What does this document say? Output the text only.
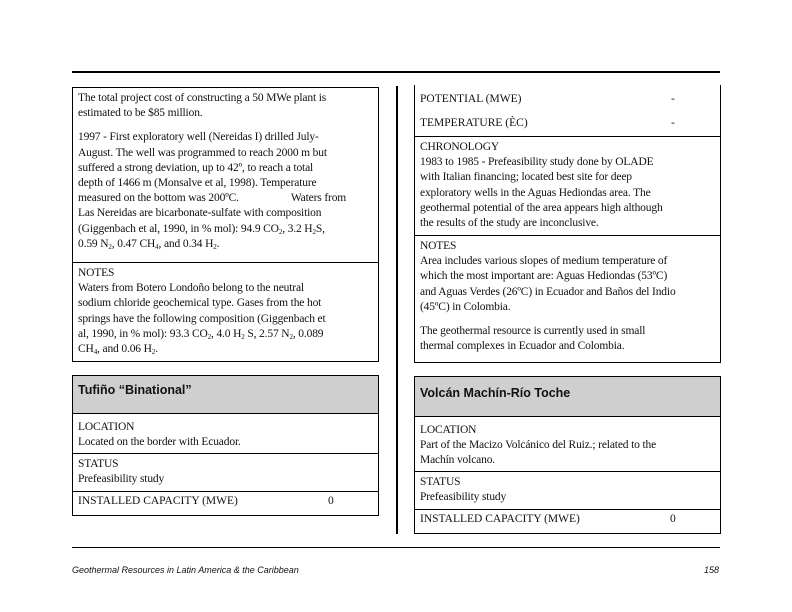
The total project cost of constructing a 50 MWe plant is

estimated to be $85 million.

1997 - First exploratory well (Nereidas I) drilled July-

August. The well was programmed to reach 2000 m but

suffered a strong deviation, up to 42º, to reach a total

depth of 1466 m (Monsalve et al, 1998). Temperature

measured on the bottom was 200ºC.	Waters from

Las Nereidas are bicarbonate-sulfate with composition

(Giggenbach et al, 1990, in % mol): 94.9 $CO_2$, 3.2 $H_2S$,

0.59 $N_2$, 0.47 $CH_4$, and 0.34 $H_2$.

NOTES

Waters from Botero Londoño belong to the neutral

sodium chloride geochemical type. Gases from the hot

springs have the following composition (Giggenbach et

al, 1990, in % mol): 93.3 $CO_2$, 4.0 $H_2$ S, 2.57 $N_2$, 0.089

$CH_4$, and 0.06 $H_2$.

Tufiño “Binational”

LOCATION

Located on the border with Ecuador.

STATUS

Prefeasibility study

INSTALLED CAPACITY (MWE)	0
POTENTIAL (MWE)	-
TEMPERATURE (ÈC)	-

CHRONOLOGY

1983 to 1985 - Prefeasibility study done by OLADE

with Italian financing; located best site for deep

exploratory wells in the Aguas Hediondas area. The

geothermal potential of the area appears high although

the results of the study are inconclusive.

NOTES

Area includes various slopes of medium temperature of

which the most important are: Aguas Hediondas (53ºC)

and Aguas Verdes (26ºC) in Ecuador and Baños del Indio

(45ºC) in Colombia.

The geothermal resource is currently used in small

thermal complexes in Ecuador and Colombia.

Volcán Machín-Río Toche

LOCATION

Part of the Macizo Volcánico del Ruiz.; related to the

Machín volcano.

STATUS

Prefeasibility study

INSTALLED CAPACITY (MWE)	0
Geothermal Resources in Latin America & the Caribbean	158
